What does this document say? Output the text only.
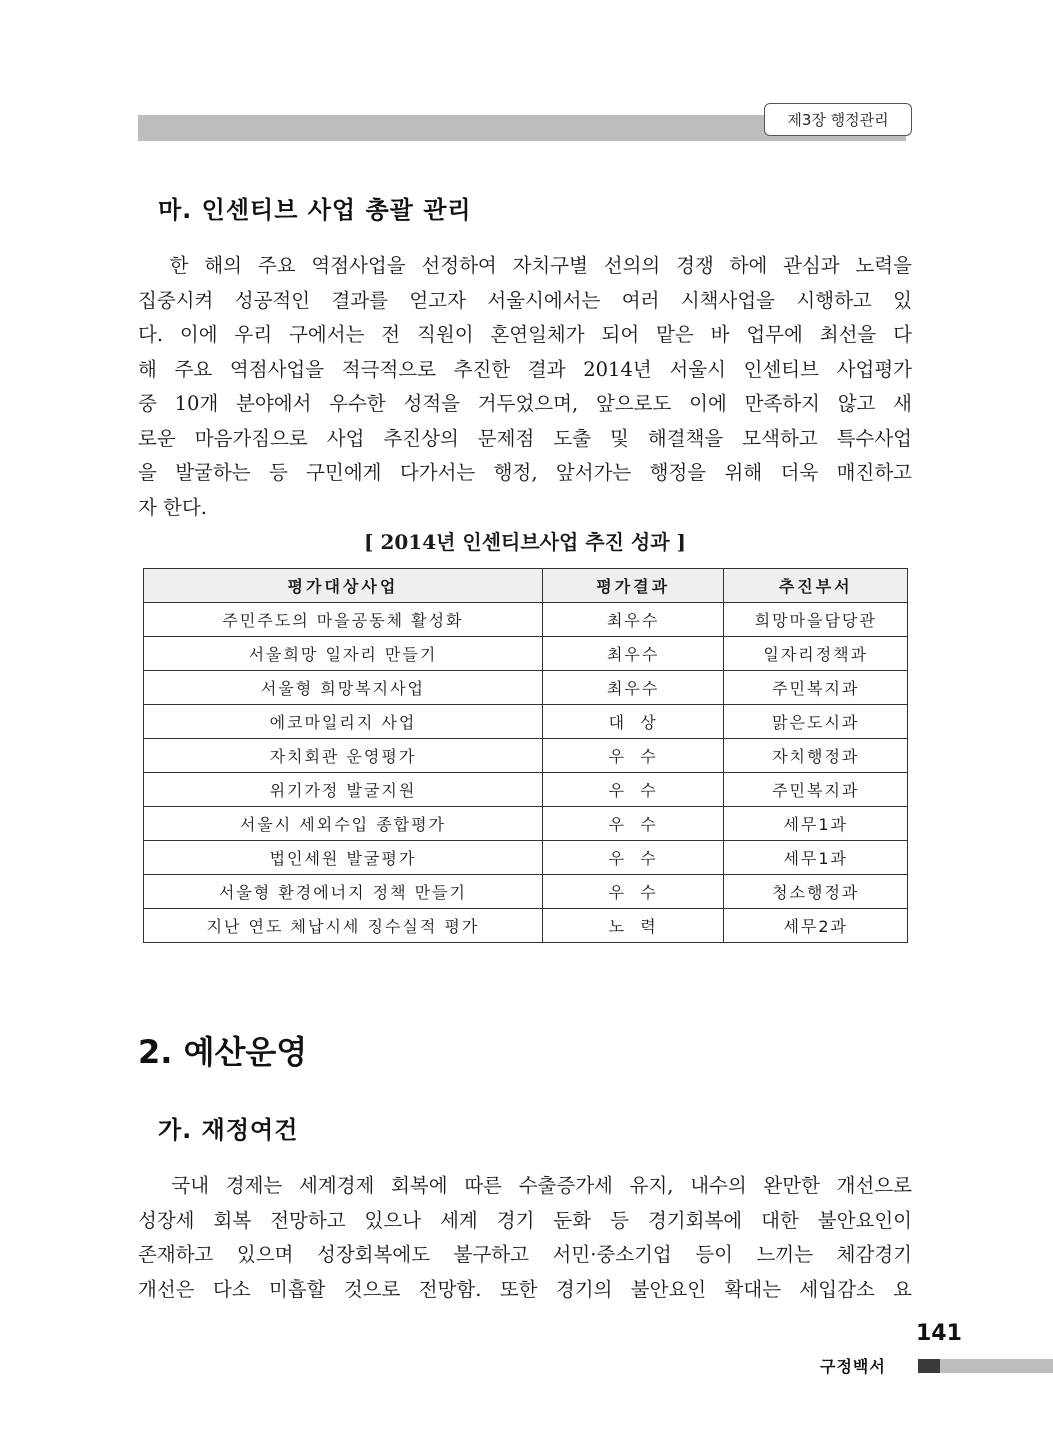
제3장 행정관리
마. 인센티브 사업 총괄 관리
한 해의 주요 역점사업을 선정하여 자치구별 선의의 경쟁 하에 관심과 노력을
집중시켜 성공적인 결과를 얻고자 서울시에서는 여러 시책사업을 시행하고 있
다. 이에 우리 구에서는 전 직원이 혼연일체가 되어 맡은 바 업무에 최선을 다
해 주요 역점사업을 적극적으로 추진한 결과 2014년 서울시 인센티브 사업평가
중 10개 분야에서 우수한 성적을 거두었으며, 앞으로도 이에 만족하지 않고 새
로운 마음가짐으로 사업 추진상의 문제점 도출 및 해결책을 모색하고 특수사업
을 발굴하는 등 구민에게 다가서는 행정, 앞서가는 행정을 위해 더욱 매진하고
자 한다.

[ 2014년 인센티브사업 추진 성과 ]

평가대상사업	평가결과	추진부서
주민주도의 마을공동체 활성화	최우수	희망마을담당관
서울희망 일자리 만들기	최우수	일자리정책과
서울형 희망복지사업	최우수	주민복지과
에코마일리지 사업	대  상	맑은도시과
자치회관 운영평가	우  수	자치행정과
위기가정 발굴지원	우  수	주민복지과
서울시 세외수입 종합평가	우  수	세무1과
법인세원 발굴평가	우  수	세무1과
서울형 환경에너지 정책 만들기	우  수	청소행정과
지난 연도 체납시세 징수실적 평가	노  력	세무2과
2. 예산운영
가. 재정여건
국내 경제는 세계경제 회복에 따른 수출증가세 유지, 내수의 완만한 개선으로
성장세 회복 전망하고 있으나 세계 경기 둔화 등 경기회복에 대한 불안요인이
존재하고 있으며 성장회복에도 불구하고 서민·중소기업 등이 느끼는 체감경기
개선은 다소 미흡할 것으로 전망함. 또한 경기의 불안요인 확대는 세입감소 요
141
구정백서
